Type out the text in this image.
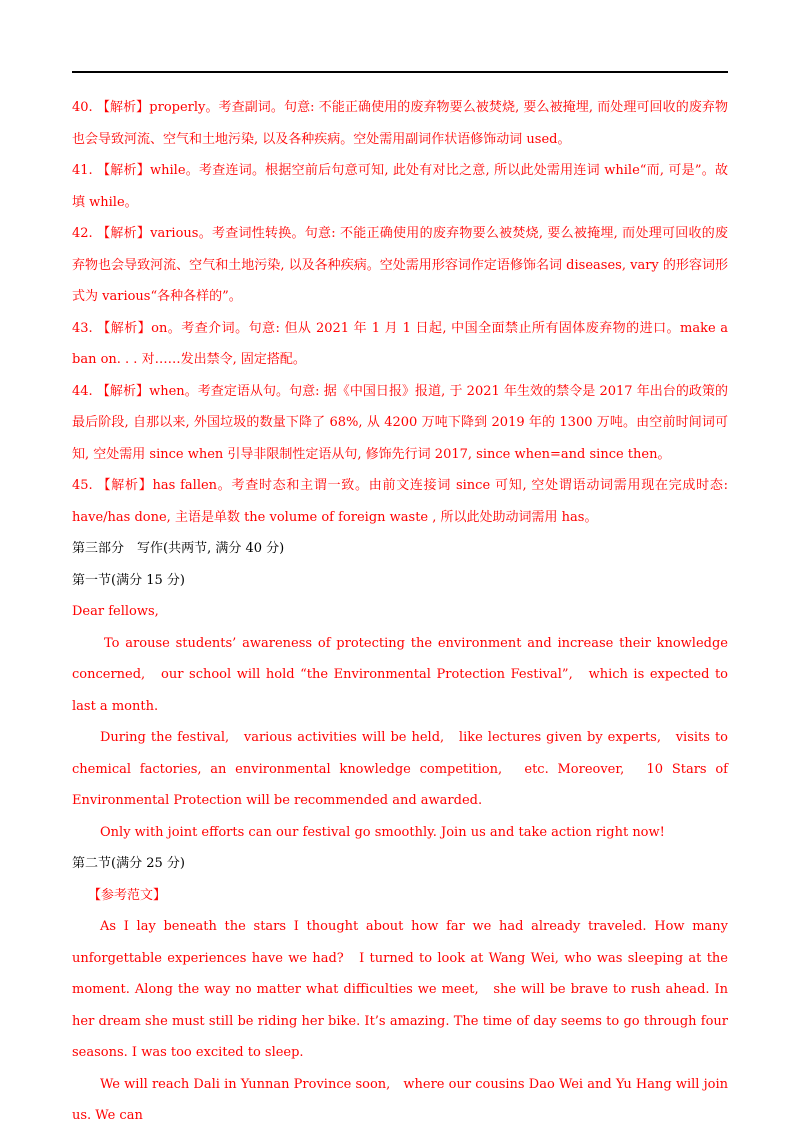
40. 【解析】properly。考查副词。句意: 不能正确使用的废弃物要么被焚烧, 要么被掩埋, 而处理可回收的废弃物也会导致河流、空气和土地污染, 以及各种疾病。空处需用副词作状语修饰动词 used。
41. 【解析】while。考查连词。根据空前后句意可知, 此处有对比之意, 所以此处需用连词 while“而, 可是”。故填 while。
42. 【解析】various。考查词性转换。句意: 不能正确使用的废弃物要么被焚烧, 要么被掩埋, 而处理可回收的废弃物也会导致河流、空气和土地污染, 以及各种疾病。空处需用形容词作定语修饰名词 diseases, vary 的形容词形式为 various“各种各样的”。
43. 【解析】on。考查介词。句意: 但从 2021 年 1 月 1 日起, 中国全面禁止所有固体废弃物的进口。make a ban on. . . 对……发出禁令, 固定搭配。
44. 【解析】when。考查定语从句。句意: 据《中国日报》报道, 于 2021 年生效的禁令是 2017 年出台的政策的最后阶段, 自那以来, 外国垃圾的数量下降了 68%, 从 4200 万吨下降到 2019 年的 1300 万吨。由空前时间词可知, 空处需用 since when 引导非限制性定语从句, 修饰先行词 2017, since when=and since then。
45. 【解析】has fallen。考查时态和主谓一致。由前文连接词 since 可知, 空处谓语动词需用现在完成时态: have/has done, 主语是单数 the volume of foreign waste , 所以此处助动词需用 has。

第三部分　写作(共两节, 满分 40 分)

第一节(满分 15 分)

Dear fellows,

To arouse students’ awareness of protecting the environment and increase their knowledge concerned,　our school will hold “the Environmental Protection Festival”,　which is expected to last a month.

During the festival,　various activities will be held,　like lectures given by experts,　visits to chemical factories, an environmental knowledge competition,　etc. Moreover,　10 Stars of Environmental Protection will be recommended and awarded.

Only with joint efforts can our festival go smoothly. Join us and take action right now!

第二节(满分 25 分)

【参考范文】

As I lay beneath the stars I thought about how far we had already traveled. How many unforgettable experiences have we had?　I turned to look at Wang Wei, who was sleeping at the moment. Along the way no matter what difficulties we meet,　she will be brave to rush ahead. In her dream she must still be riding her bike. It’s amazing. The time of day seems to go through four seasons. I was too excited to sleep.

We will reach Dali in Yunnan Province soon,　where our cousins Dao Wei and Yu Hang will join us. We can
